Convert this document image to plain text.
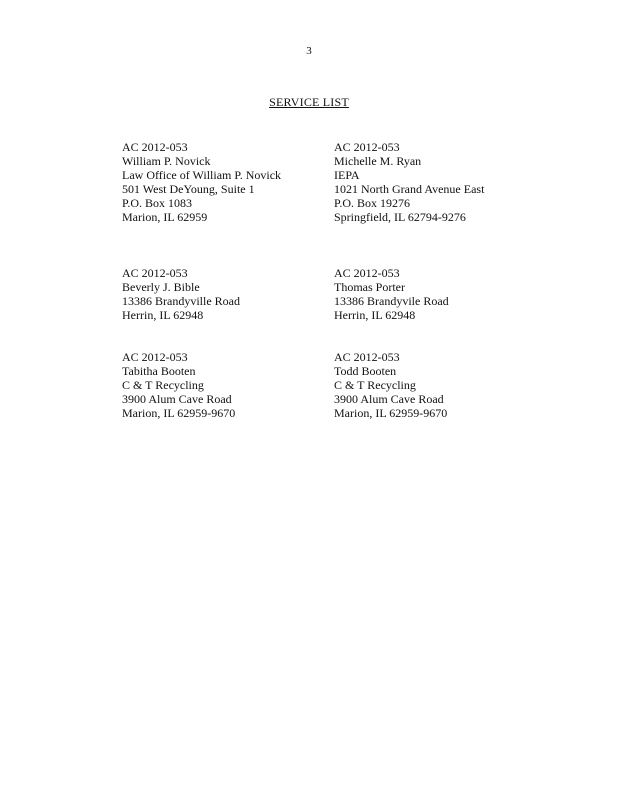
3
SERVICE LIST
AC 2012-053
William P. Novick
Law Office of William P. Novick
501 West DeYoung, Suite 1
P.O. Box 1083
Marion, IL 62959
AC 2012-053
Michelle M. Ryan
IEPA
1021 North Grand Avenue East
P.O. Box 19276
Springfield, IL 62794-9276
AC 2012-053
Beverly J. Bible
13386 Brandyville Road
Herrin, IL 62948
AC 2012-053
Thomas Porter
13386 Brandyvile Road
Herrin, IL 62948
AC 2012-053
Tabitha Booten
C & T Recycling
3900 Alum Cave Road
Marion, IL 62959-9670
AC 2012-053
Todd Booten
C & T Recycling
3900 Alum Cave Road
Marion, IL 62959-9670
